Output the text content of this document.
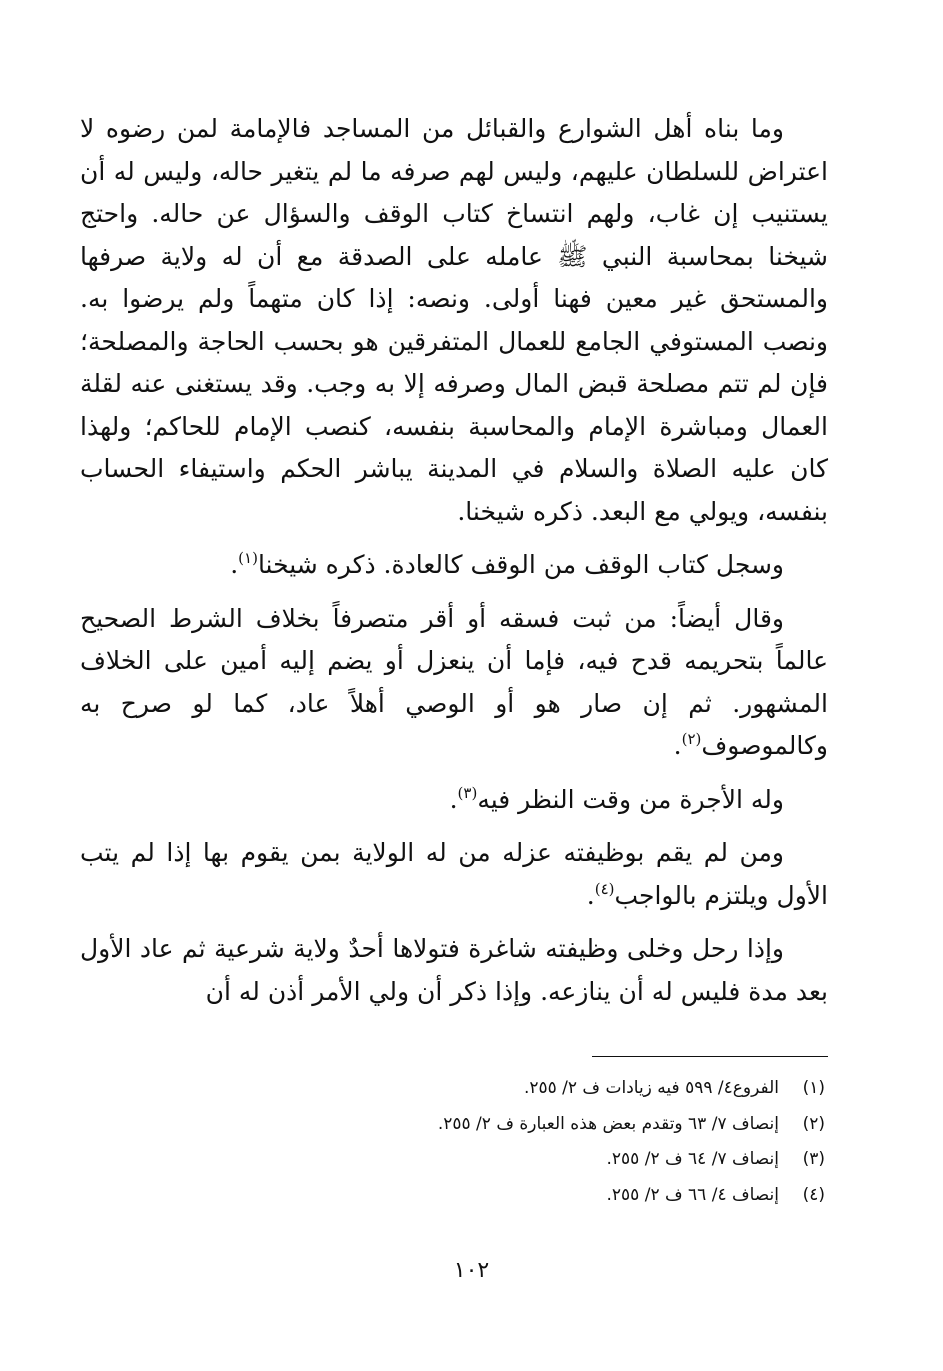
وما بناه أهل الشوارع والقبائل من المساجد فالإمامة لمن رضوه لا اعتراض للسلطان عليهم، وليس لهم صرفه ما لم يتغير حاله، وليس له أن يستنيب إن غاب، ولهم انتساخ كتاب الوقف والسؤال عن حاله. واحتج شيخنا بمحاسبة النبي ﷺ عامله على الصدقة مع أن له ولاية صرفها والمستحق غير معين فهنا أولى. ونصه: إذا كان متهماً ولم يرضوا به. ونصب المستوفي الجامع للعمال المتفرقين هو بحسب الحاجة والمصلحة؛ فإن لم تتم مصلحة قبض المال وصرفه إلا به وجب. وقد يستغنى عنه لقلة العمال ومباشرة الإمام والمحاسبة بنفسه، كنصب الإمام للحاكم؛ ولهذا كان عليه الصلاة والسلام في المدينة يباشر الحكم واستيفاء الحساب بنفسه، ويولي مع البعد. ذكره شيخنا.

وسجل كتاب الوقف من الوقف كالعادة. ذكره شيخنا$^{(١)}$.

وقال أيضاً: من ثبت فسقه أو أقر متصرفاً بخلاف الشرط الصحيح عالماً بتحريمه قدح فيه، فإما أن ينعزل أو يضم إليه أمين على الخلاف المشهور. ثم إن صار هو أو الوصي أهلاً عاد، كما لو صرح به وكالموصوف$^{(٢)}$.

وله الأجرة من وقت النظر فيه$^{(٣)}$.

ومن لم يقم بوظيفته عزله من له الولاية بمن يقوم بها إذا لم يتب الأول ويلتزم بالواجب$^{(٤)}$.

وإذا رحل وخلى وظيفته شاغرة فتولاها أحدٌ ولاية شرعية ثم عاد الأول بعد مدة فليس له أن ينازعه. وإذا ذكر أن ولي الأمر أذن له أن

(١)الفروع٤/ ٥٩٩ فيه زيادات ف ٢/ ٢٥٥.

(٢)إنصاف ٧/ ٦٣ وتقدم بعض هذه العبارة ف ٢/ ٢٥٥.

(٣)إنصاف ٧/ ٦٤ ف ٢/ ٢٥٥.

(٤)إنصاف ٤/ ٦٦ ف ٢/ ٢٥٥.

١٠٢
